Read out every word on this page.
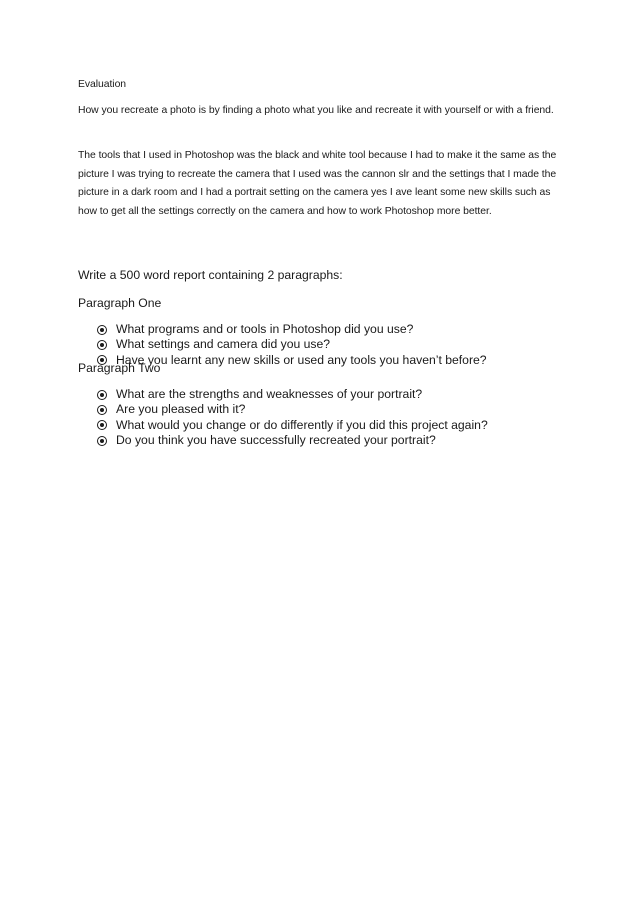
Evaluation

How you recreate a photo is by finding a photo what you like and recreate it with yourself or with a friend.

The tools that I used in Photoshop was the black and white tool because I had to make it the same as the picture I was trying to recreate the camera that I used was the cannon slr and the settings that I made the picture in a dark room and I had a portrait setting on the camera yes I ave leant some new skills such as how to get all the settings correctly on the camera and how to work Photoshop more better.

Write a 500 word report containing 2 paragraphs:

Paragraph One

What programs and or tools in Photoshop did you use?
What settings and camera did you use?
Have you learnt any new skills or used any tools you haven’t before?

Paragraph Two

What are the strengths and weaknesses of your portrait?
Are you pleased with it?
What would you change or do differently if you did this project again?
Do you think you have successfully recreated your portrait?
